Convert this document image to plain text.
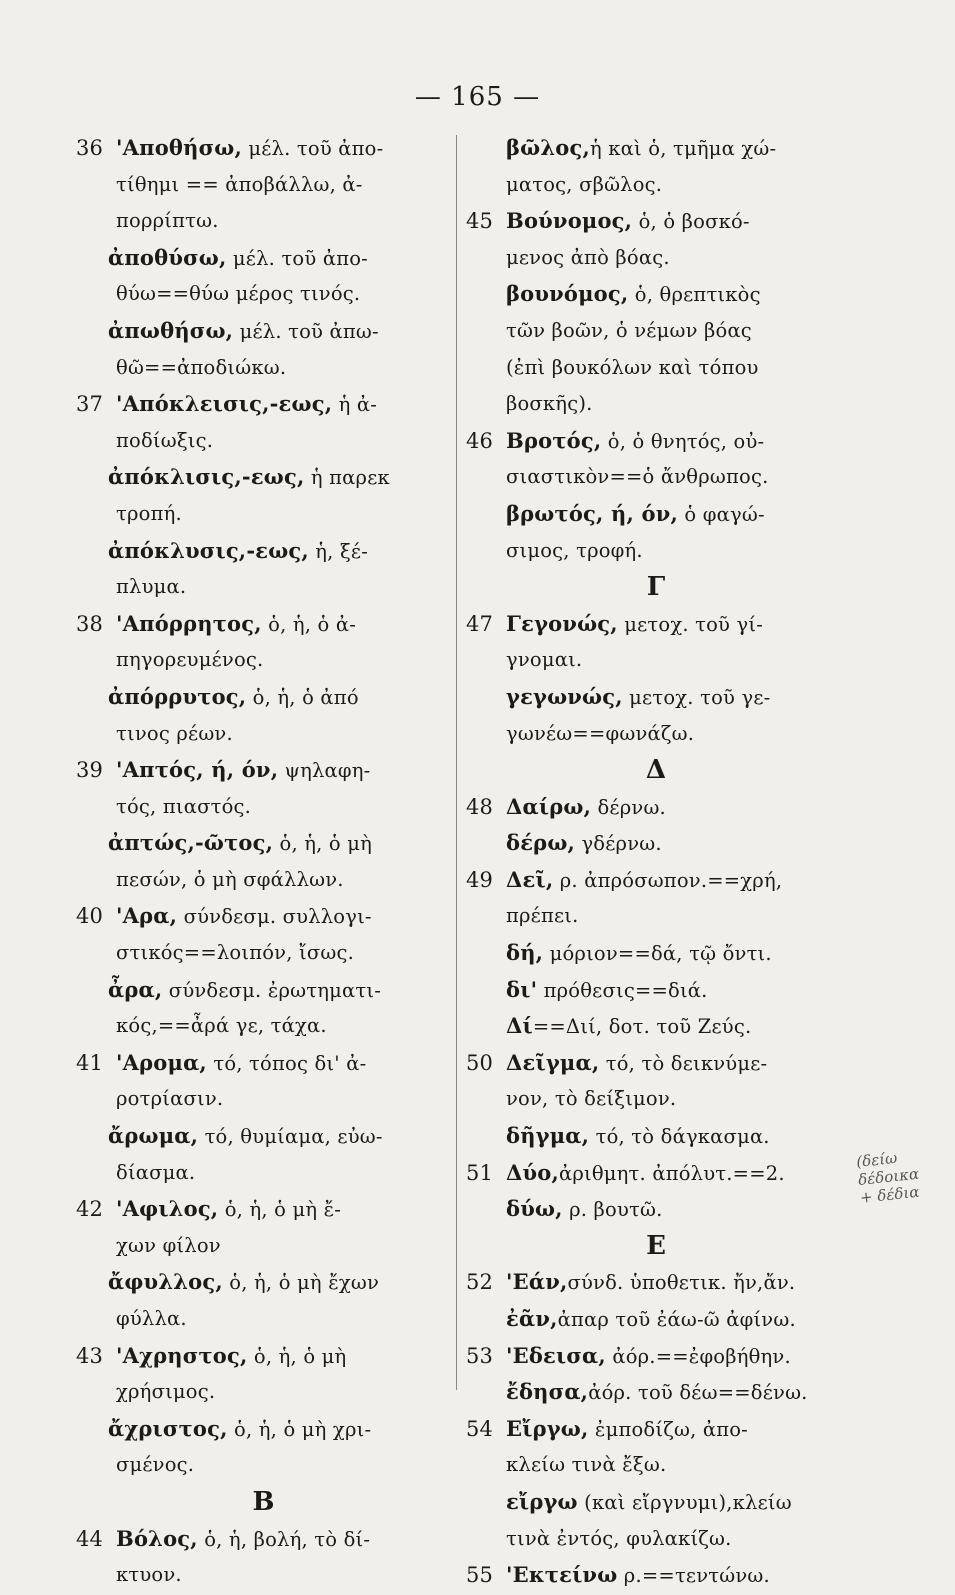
— 165 —
36 'Αποθήσω, μέλ. τοῦ ἀπο-
τίθημι == ἀποβάλλω, ἀ-
πορρίπτω.
ἀποθύσω, μέλ. τοῦ ἀπο-
θύω==θύω μέρος τινός.
ἀπωθήσω, μέλ. τοῦ ἀπω-
θῶ==ἀποδιώκω.
37 'Απόκλεισις,-εως, ἡ ἀ-
ποδίωξις.
ἀπόκλισις,-εως, ἡ παρεκ
τροπή.
ἀπόκλυσις,-εως, ἡ, ξέ-
πλυμα.
38 'Απόρρητος, ὁ, ἡ, ὁ ἀ-
πηγορευμένος.
ἀπόρρυτος, ὁ, ἡ, ὁ ἀπό
τινος ρέων.
39 'Απτός, ή, όν, ψηλαφη-
τός, πιαστός.
ἀπτώς,-ῶτος, ὁ, ἡ, ὁ μὴ
πεσών, ὁ μὴ σφάλλων.
40 'Αρα, σύνδεσμ. συλλογι-
στικός==λοιπόν, ἴσως.
ἆρα, σύνδεσμ. ἐρωτηματι-
κός,==ἆρά γε, τάχα.
41 'Αρομα, τό, τόπος δι' ἀ-
ροτρίασιν.
ἄρωμα, τό, θυμίαμα, εὐω-
δίασμα.
42 'Αφιλος, ὁ, ἡ, ὁ μὴ ἔ-
χων φίλον
ἄφυλλος, ὁ, ἡ, ὁ μὴ ἔχων
φύλλα.
43 'Αχρηστος, ὁ, ἡ, ὁ μὴ
χρήσιμος.
ἄχριστος, ὁ, ἡ, ὁ μὴ χρι-
σμένος.
Β
44 Βόλος, ὁ, ἡ, βολή, τὸ δί-
κτυον.
βῶλος,ἡ καὶ ὁ, τμῆμα χώ-
ματος, σβῶλος.
45 Βούνομος, ὁ, ὁ βοσκό-
μενος ἀπὸ βόας.
βουνόμος, ὁ, θρεπτικὸς
τῶν βοῶν, ὁ νέμων βόας
(ἐπὶ βουκόλων καὶ τόπου
βοσκῆς).
46 Βροτός, ὁ, ὁ θνητός, οὐ-
σιαστικὸν==ὁ ἄνθρωπος.
βρωτός, ή, όν, ὁ φαγώ-
σιμος, τροφή.
Γ
47 Γεγονώς, μετοχ. τοῦ γί-
γνομαι.
γεγωνώς, μετοχ. τοῦ γε-
γωνέω==φωνάζω.
Δ
48 Δαίρω, δέρνω.
δέρω, γδέρνω.
49 Δεῖ, ρ. ἀπρόσωπον.==χρή,
πρέπει.
δή, μόριον==δά, τῷ ὄντι.
δι' πρόθεσις==διά.
Δί==Διί, δοτ. τοῦ Ζεύς.
50 Δεῖγμα, τό, τὸ δεικνύμε-
νον, τὸ δείξιμον.
δῆγμα, τό, τὸ δάγκασμα.
51 Δύο,ἀριθμητ. ἀπόλυτ.==2.
δύω, ρ. βουτῶ.
Ε
52 'Εάν,σύνδ. ὑποθετικ. ἤν,ἄν.
ἐᾶν,ἀπαρ τοῦ ἐάω-ῶ ἀφίνω.
53 'Εδεισα, ἀόρ.==ἐφοβήθην.
ἔδησα,ἀόρ. τοῦ δέω==δένω.
54 Εἴργω, ἐμποδίζω, ἀπο-
κλείω τινὰ ἔξω.
εἴργω (καὶ εἴργνυμι),κλείω
τινὰ ἐντός, φυλακίζω.
55 'Εκτείνω ρ.==τεντώνω.
(δείω
δέδοικα
+ δέδια
